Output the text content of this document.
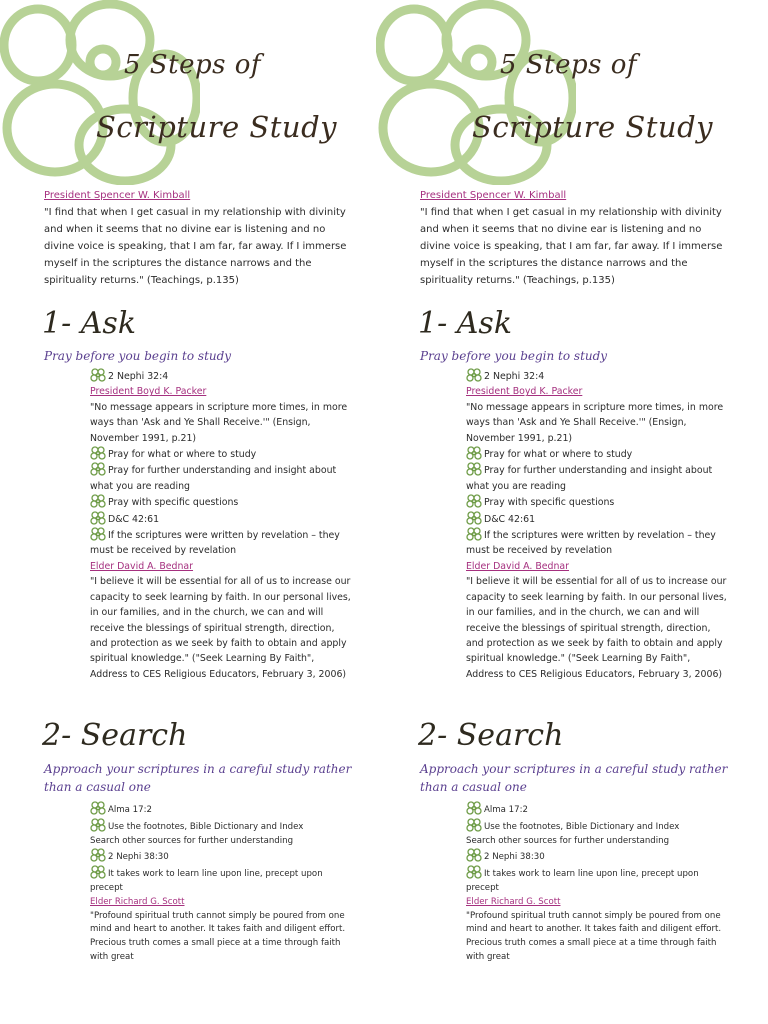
5 Steps of
Scripture Study
President Spencer W. Kimball
"I find that when I get casual in my relationship with divinity and when it seems that no divine ear is listening and no divine voice is speaking, that I am far, far away. If I immerse myself in the scriptures the distance narrows and the spirituality returns." (Teachings, p.135)
1- Ask
Pray before you begin to study
2 Nephi 32:4
President Boyd K. Packer
"No message appears in scripture more times, in more ways than 'Ask and Ye Shall Receive.'" (Ensign, November 1991, p.21)
Pray for what or where to study
Pray for further understanding and insight about what you are reading
Pray with specific questions
D&C 42:61
If the scriptures were written by revelation – they must be received by revelation
Elder David A. Bednar
"I believe it will be essential for all of us to increase our capacity to seek learning by faith. In our personal lives, in our families, and in the church, we can and will receive the blessings of spiritual strength, direction, and protection as we seek by faith to obtain and apply spiritual knowledge." ("Seek Learning By Faith", Address to CES Religious Educators, February 3, 2006)
2- Search
Approach your scriptures in a careful study rather than a casual one
Alma 17:2
Use the footnotes, Bible Dictionary and Index
Search other sources for further understanding
2 Nephi 38:30
It takes work to learn line upon line, precept upon precept
Elder Richard G. Scott
"Profound spiritual truth cannot simply be poured from one mind and heart to another. It takes faith and diligent effort. Precious truth comes a small piece at a time through faith with great
5 Steps of
Scripture Study
President Spencer W. Kimball
"I find that when I get casual in my relationship with divinity and when it seems that no divine ear is listening and no divine voice is speaking, that I am far, far away. If I immerse myself in the scriptures the distance narrows and the spirituality returns." (Teachings, p.135)
1- Ask
Pray before you begin to study
2 Nephi 32:4
President Boyd K. Packer
"No message appears in scripture more times, in more ways than 'Ask and Ye Shall Receive.'" (Ensign, November 1991, p.21)
Pray for what or where to study
Pray for further understanding and insight about what you are reading
Pray with specific questions
D&C 42:61
If the scriptures were written by revelation – they must be received by revelation
Elder David A. Bednar
"I believe it will be essential for all of us to increase our capacity to seek learning by faith. In our personal lives, in our families, and in the church, we can and will receive the blessings of spiritual strength, direction, and protection as we seek by faith to obtain and apply spiritual knowledge." ("Seek Learning By Faith", Address to CES Religious Educators, February 3, 2006)
2- Search
Approach your scriptures in a careful study rather than a casual one
Alma 17:2
Use the footnotes, Bible Dictionary and Index
Search other sources for further understanding
2 Nephi 38:30
It takes work to learn line upon line, precept upon precept
Elder Richard G. Scott
"Profound spiritual truth cannot simply be poured from one mind and heart to another. It takes faith and diligent effort. Precious truth comes a small piece at a time through faith with great
